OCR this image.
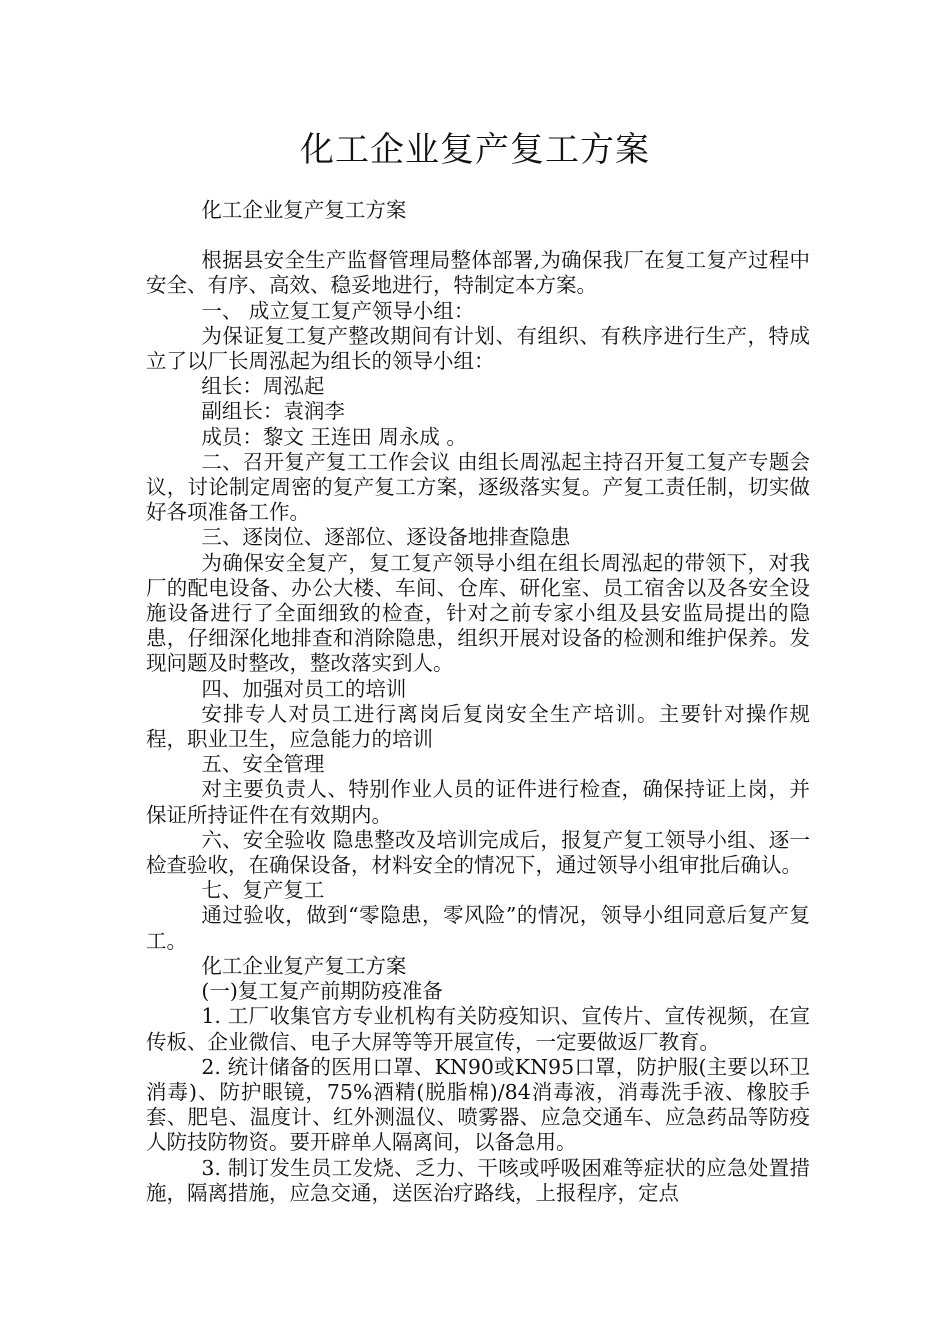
化工企业复产复工方案

化工企业复产复工方案

根据县安全生产监督管理局整体部署,为确保我厂在复工复产过程中安全、有序、高效、稳妥地进行，特制定本方案。

一、 成立复工复产领导小组：

为保证复工复产整改期间有计划、有组织、有秩序进行生产，特成立了以厂长周泓起为组长的领导小组：

组长：周泓起

副组长：袁润李

成员：黎文 王连田 周永成 。

二、召开复产复工工作会议 由组长周泓起主持召开复工复产专题会议，讨论制定周密的复产复工方案，逐级落实复。产复工责任制，切实做好各项准备工作。

三、逐岗位、逐部位、逐设备地排查隐患

为确保安全复产，复工复产领导小组在组长周泓起的带领下，对我厂的配电设备、办公大楼、车间、仓库、研化室、员工宿舍以及各安全设施设备进行了全面细致的检查，针对之前专家小组及县安监局提出的隐患，仔细深化地排查和消除隐患，组织开展对设备的检测和维护保养。发现问题及时整改，整改落实到人。

四、加强对员工的培训

安排专人对员工进行离岗后复岗安全生产培训。主要针对操作规程，职业卫生，应急能力的培训

五、安全管理

对主要负责人、特别作业人员的证件进行检查，确保持证上岗，并保证所持证件在有效期内。

六、安全验收 隐患整改及培训完成后，报复产复工领导小组、逐一检查验收，在确保设备，材料安全的情况下，通过领导小组审批后确认。

七、复产复工

通过验收，做到“零隐患，零风险”的情况，领导小组同意后复产复工。

化工企业复产复工方案

(一)复工复产前期防疫准备

1. 工厂收集官方专业机构有关防疫知识、宣传片、宣传视频，在宣传板、企业微信、电子大屏等等开展宣传，一定要做返厂教育。

2. 统计储备的医用口罩、KN90或KN95口罩，防护服(主要以环卫消毒)、防护眼镜，75%酒精(脱脂棉)/84消毒液，消毒洗手液、橡胶手套、肥皂、温度计、红外测温仪、喷雾器、应急交通车、应急药品等防疫人防技防物资。要开辟单人隔离间，以备急用。

3. 制订发生员工发烧、乏力、干咳或呼吸困难等症状的应急处置措施，隔离措施，应急交通，送医治疗路线，上报程序，定点
